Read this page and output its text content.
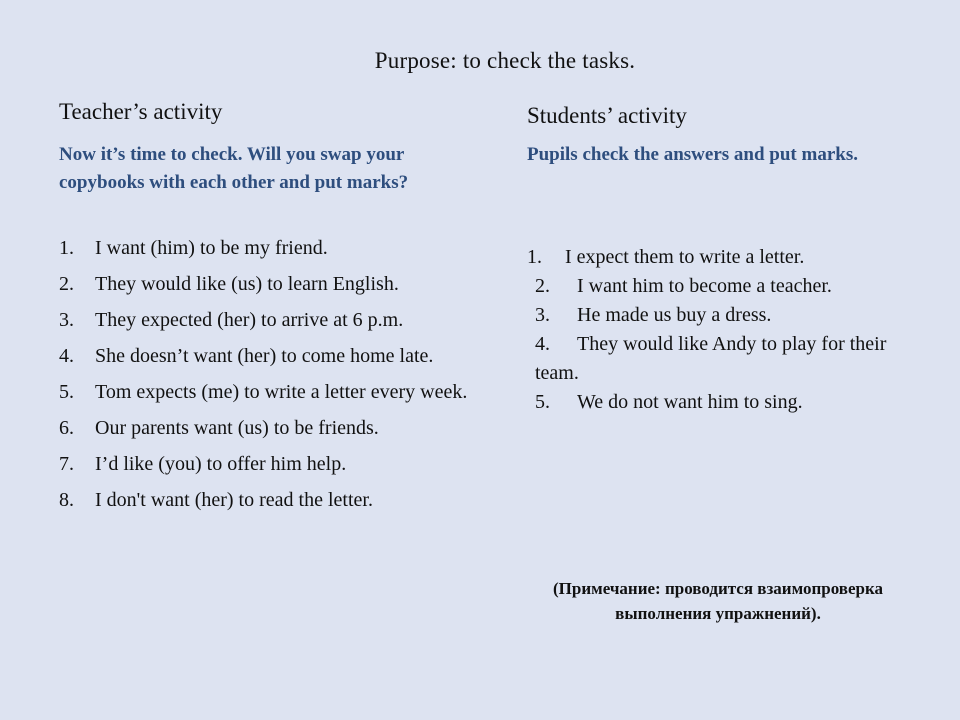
Purpose: to check the tasks.
Teacher’s activity
Now it’s time to check. Will you swap your copybooks with each other and put marks?
1. I want (him) to be my friend.
2. They would like (us) to learn English.
3. They expected (her) to arrive at 6 p.m.
4. She doesn’t want (her) to come home late.
5. Tom expects (me) to write a letter every week.
6. Our parents want (us) to be friends.
7. I’d like (you) to offer him help.
8. I don't want (her) to read the letter.
Students’ activity
Pupils check the answers and put marks.
1. I expect them to write a letter.
2. I want him to become a teacher.
3. He made us buy a dress.
4. They would like Andy to play for their team.
5. We do not want him to sing.
(Примечание: проводится взаимопроверка выполнения упражнений).
